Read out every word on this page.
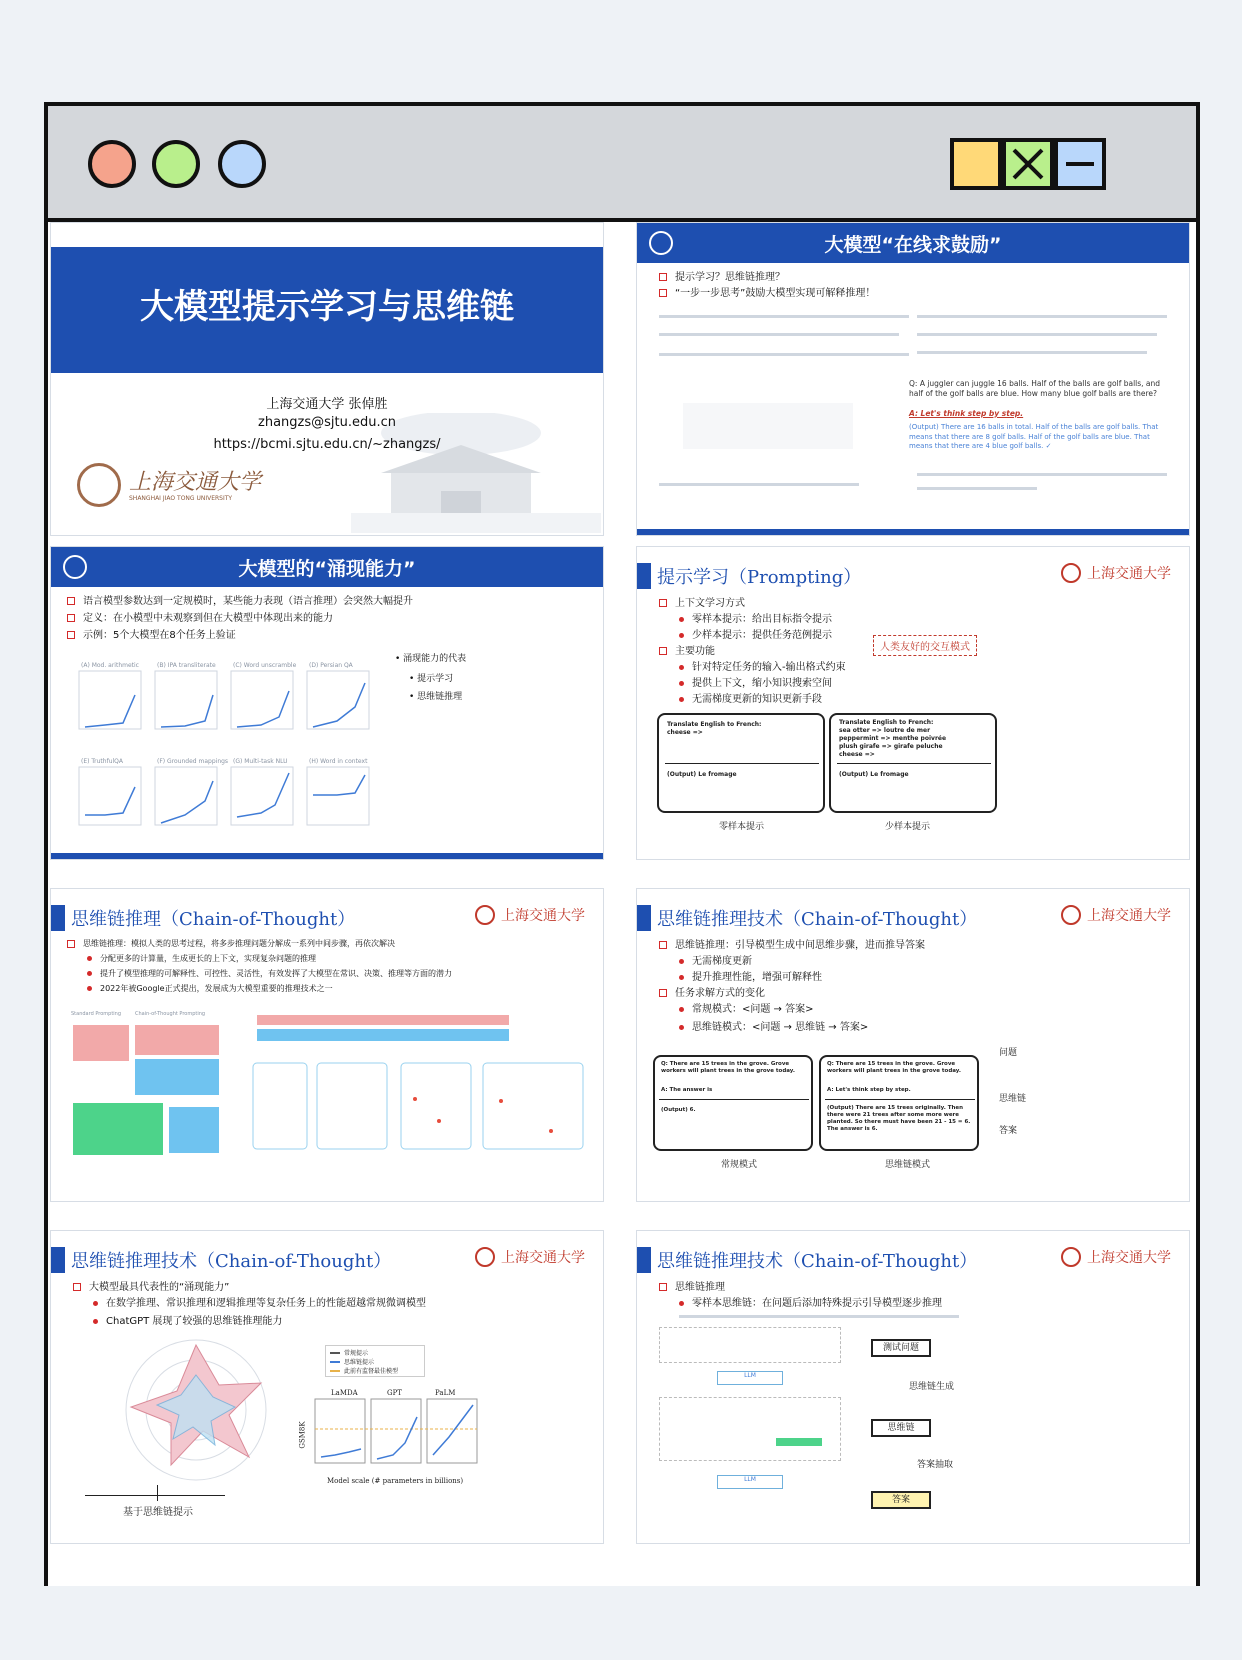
大模型提示学习与思维链
上海交通大学 张倬胜
zhangzs@sjtu.edu.cn
https://bcmi.sjtu.edu.cn/~zhangzs/
上海交通大学
SHANGHAI JIAO TONG UNIVERSITY
大模型“在线求鼓励”
提示学习？思维链推理？
“一步一步思考”鼓励大模型实现可解释推理！
Q: A juggler can juggle 16 balls. Half of the balls are golf balls, and half of the golf balls are blue. How many blue golf balls are there?
A: Let's think step by step.
(Output) There are 16 balls in total. Half of the balls are golf balls. That means that there are 8 golf balls. Half of the golf balls are blue. That means that there are 4 blue golf balls. ✓
大模型的“涌现能力”
语言模型参数达到一定规模时，某些能力表现（语言推理）会突然大幅提升
定义：在小模型中未观察到但在大模型中体现出来的能力
示例：5个大模型在8个任务上验证
• 涌现能力的代表
• 提示学习
• 思维链推理
(A) Mod. arithmetic	(B) IPA transliterate	(C) Word unscramble (D) Persian QA
(E) TruthfulQA	(F) Grounded mappings (G) Multi-task NLU	(H) Word in context
提示学习（Prompting）	上海交通大学
上下文学习方式
零样本提示：给出目标指令提示
少样本提示：提供任务范例提示
主要功能
针对特定任务的输入-输出格式约束
提供上下文，缩小知识搜索空间
无需梯度更新的知识更新手段
人类友好的交互模式
Translate English to French:
cheese =>
(Output) Le fromage
Translate English to French:
sea otter => loutre de mer
peppermint => menthe poivrée
plush girafe => girafe peluche
cheese =>
(Output) Le fromage
零样本提示	少样本提示
思维链推理（Chain-of-Thought）	上海交通大学
思维链推理：模拟人类的思考过程，将多步推理问题分解成一系列中间步骤，再依次解决
分配更多的计算量，生成更长的上下文，实现复杂问题的推理
提升了模型推理的可解释性、可控性、灵活性，有效发挥了大模型在常识、决策、推理等方面的潜力
2022年被Google正式提出，发展成为大模型重要的推理技术之一
Standard Prompting	Chain-of-Thought Prompting
思维链推理技术（Chain-of-Thought）	上海交通大学
思维链推理：引导模型生成中间思维步骤，进而推导答案
无需梯度更新
提升推理性能，增强可解释性
任务求解方式的变化
常规模式：<问题 → 答案>
思维链模式：<问题 → 思维链 → 答案>
Q: There are 15 trees in the grove. Grove workers will plant trees in the grove today.
A: The answer is
(Output) 6.
Q: There are 15 trees in the grove. Grove workers will plant trees in the grove today.
A: Let's think step by step.
(Output) There are 15 trees originally. Then there were 21 trees after some more were planted. So there must have been 21 - 15 = 6. The answer is 6.
问题
思维链
答案
常规模式	思维链模式
思维链推理技术（Chain-of-Thought）	上海交通大学
大模型最具代表性的“涌现能力”
在数学推理、常识推理和逻辑推理等复杂任务上的性能超越常规微调模型
ChatGPT 展现了较强的思维链推理能力
常规提示
思维链提示
此前有监督最佳模型
LaMDA	GPT	PaLM
GSM8K
Model scale (# parameters in billions)
基于思维链提示
思维链推理技术（Chain-of-Thought）	上海交通大学
思维链推理
零样本思维链：在问题后添加特殊提示引导模型逐步推理
LLM
LLM
测试问题
思维链生成
思维链
答案抽取
答案
